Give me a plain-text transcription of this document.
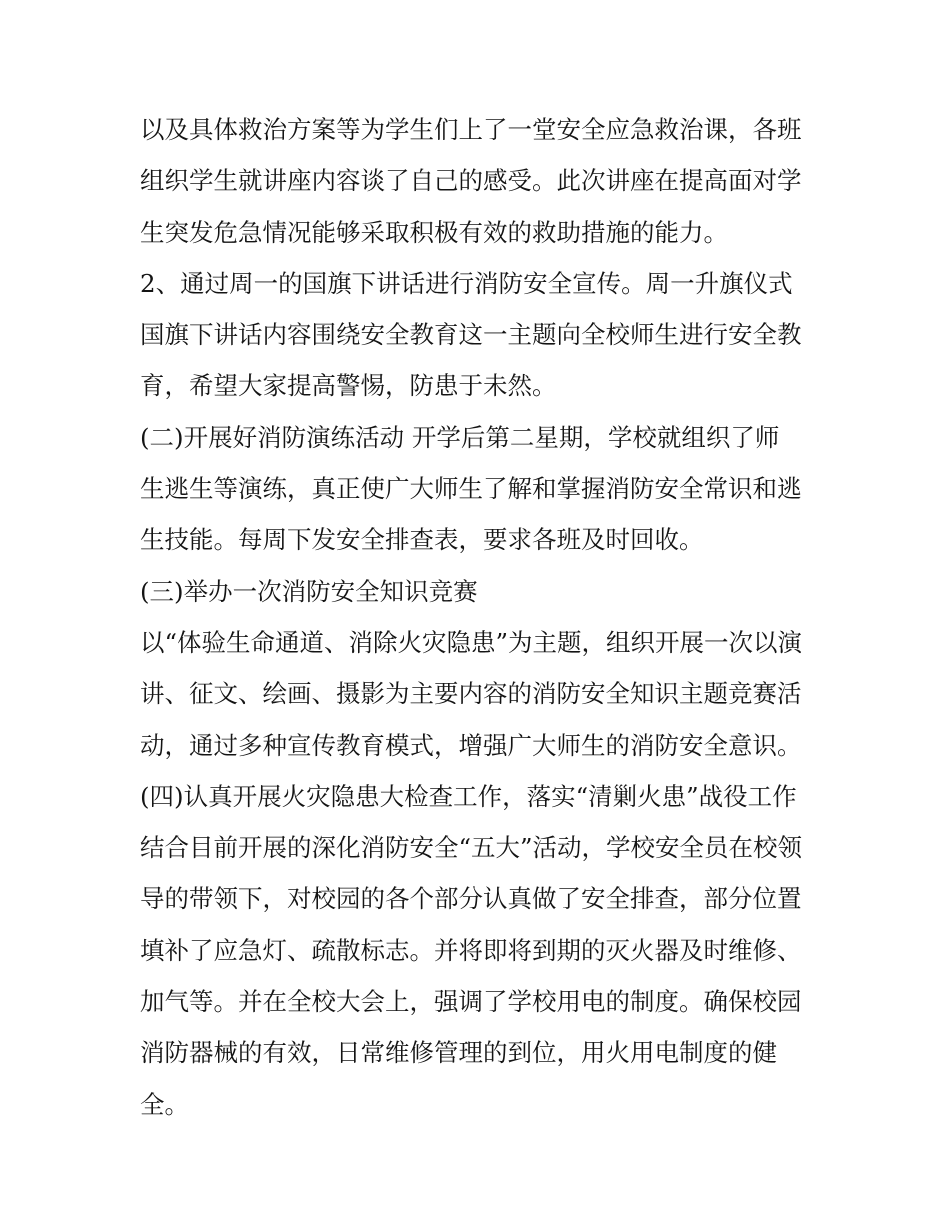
以及具体救治方案等为学生们上了一堂安全应急救治课，各班

组织学生就讲座内容谈了自己的感受。此次讲座在提高面对学

生突发危急情况能够采取积极有效的救助措施的能力。

2、通过周一的国旗下讲话进行消防安全宣传。周一升旗仪式

国旗下讲话内容围绕安全教育这一主题向全校师生进行安全教

育，希望大家提高警惕，防患于未然。

(二)开展好消防演练活动 开学后第二星期，学校就组织了师

生逃生等演练，真正使广大师生了解和掌握消防安全常识和逃

生技能。每周下发安全排查表，要求各班及时回收。

(三)举办一次消防安全知识竞赛

以“体验生命通道、消除火灾隐患”为主题，组织开展一次以演

讲、征文、绘画、摄影为主要内容的消防安全知识主题竞赛活

动，通过多种宣传教育模式，增强广大师生的消防安全意识。

(四)认真开展火灾隐患大检查工作，落实“清剿火患”战役工作

结合目前开展的深化消防安全“五大”活动，学校安全员在校领

导的带领下，对校园的各个部分认真做了安全排查，部分位置

填补了应急灯、疏散标志。并将即将到期的灭火器及时维修、

加气等。并在全校大会上，强调了学校用电的制度。确保校园

消防器械的有效，日常维修管理的到位，用火用电制度的健

全。
